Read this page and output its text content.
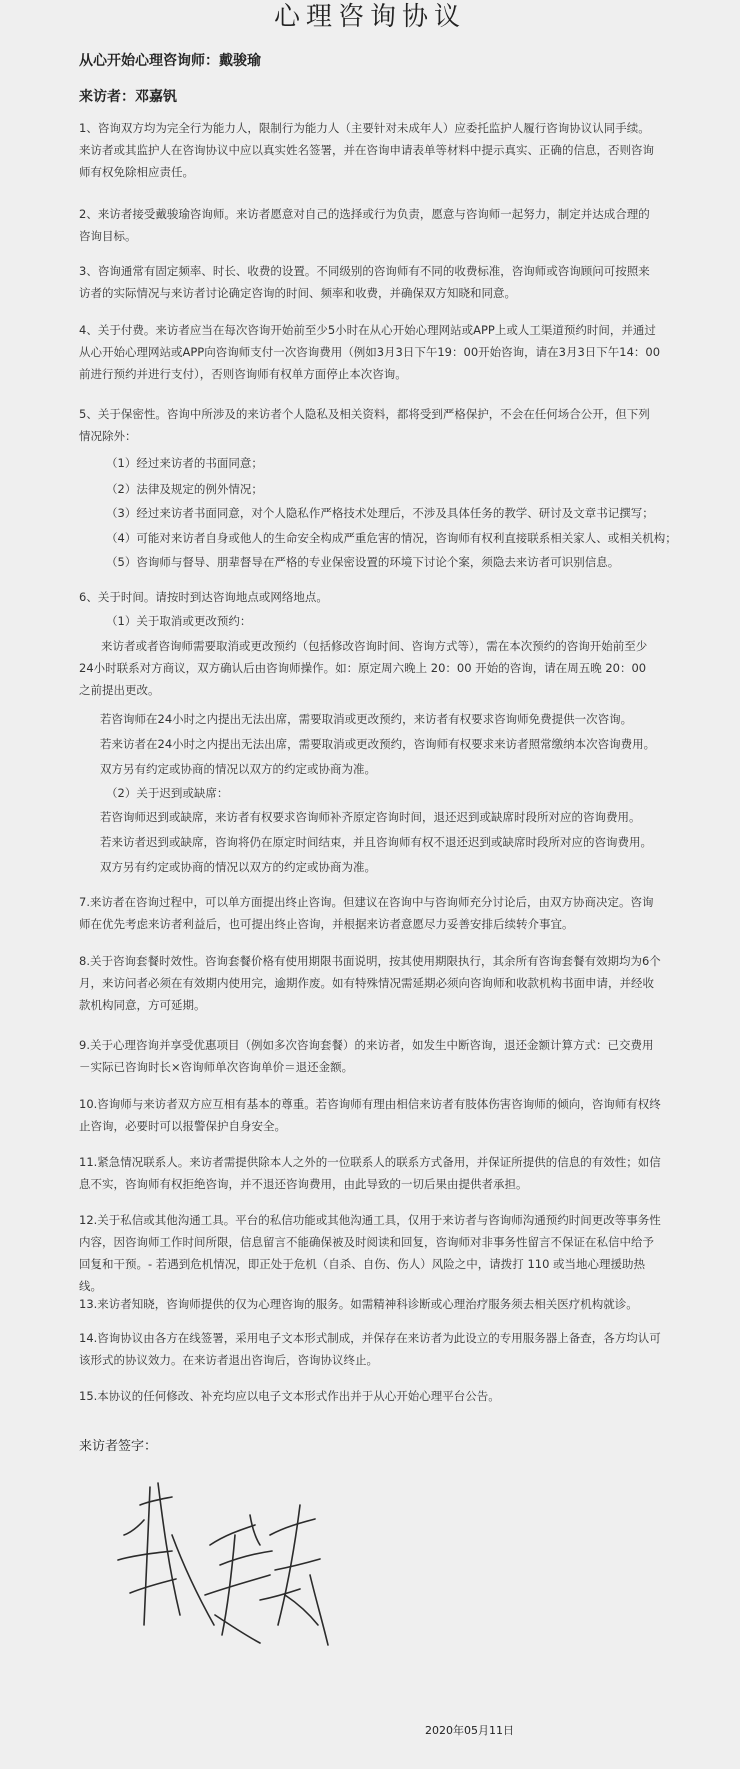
心理咨询协议
从心开始心理咨询师：戴骏瑜
来访者：邓嘉钒
1、咨询双方均为完全行为能力人，限制行为能力人（主要针对未成年人）应委托监护人履行咨询协议认同手续。来访者或其监护人在咨询协议中应以真实姓名签署，并在咨询申请表单等材料中提示真实、正确的信息，否则咨询师有权免除相应责任。
2、来访者接受戴骏瑜咨询师。来访者愿意对自己的选择或行为负责，愿意与咨询师一起努力，制定并达成合理的咨询目标。
3、咨询通常有固定频率、时长、收费的设置。不同级别的咨询师有不同的收费标准，咨询师或咨询顾问可按照来访者的实际情况与来访者讨论确定咨询的时间、频率和收费，并确保双方知晓和同意。
4、关于付费。来访者应当在每次咨询开始前至少5小时在从心开始心理网站或APP上或人工渠道预约时间，并通过从心开始心理网站或APP向咨询师支付一次咨询费用（例如3月3日下午19：00开始咨询，请在3月3日下午14：00前进行预约并进行支付），否则咨询师有权单方面停止本次咨询。
5、关于保密性。咨询中所涉及的来访者个人隐私及相关资料，都将受到严格保护，不会在任何场合公开，但下列情况除外：
（1）经过来访者的书面同意；
（2）法律及规定的例外情况；
（3）经过来访者书面同意，对个人隐私作严格技术处理后，不涉及具体任务的教学、研讨及文章书记撰写；
（4）可能对来访者自身或他人的生命安全构成严重危害的情况，咨询师有权利直接联系相关家人、或相关机构；
（5）咨询师与督导、朋辈督导在严格的专业保密设置的环境下讨论个案，须隐去来访者可识别信息。
6、关于时间。请按时到达咨询地点或网络地点。
（1）关于取消或更改预约：
来访者或者咨询师需要取消或更改预约（包括修改咨询时间、咨询方式等），需在本次预约的咨询开始前至少24小时联系对方商议，双方确认后由咨询师操作。如：原定周六晚上 20：00 开始的咨询，请在周五晚 20：00 之前提出更改。
若咨询师在24小时之内提出无法出席，需要取消或更改预约，来访者有权要求咨询师免费提供一次咨询。
若来访者在24小时之内提出无法出席，需要取消或更改预约，咨询师有权要求来访者照常缴纳本次咨询费用。
双方另有约定或协商的情况以双方的约定或协商为准。
（2）关于迟到或缺席：
若咨询师迟到或缺席，来访者有权要求咨询师补齐原定咨询时间，退还迟到或缺席时段所对应的咨询费用。
若来访者迟到或缺席，咨询将仍在原定时间结束，并且咨询师有权不退还迟到或缺席时段所对应的咨询费用。
双方另有约定或协商的情况以双方的约定或协商为准。
7.来访者在咨询过程中，可以单方面提出终止咨询。但建议在咨询中与咨询师充分讨论后，由双方协商决定。咨询师在优先考虑来访者利益后，也可提出终止咨询，并根据来访者意愿尽力妥善安排后续转介事宜。
8.关于咨询套餐时效性。咨询套餐价格有使用期限书面说明，按其使用期限执行，其余所有咨询套餐有效期均为6个月，来访问者必须在有效期内使用完，逾期作废。如有特殊情况需延期必须向咨询师和收款机构书面申请，并经收款机构同意，方可延期。
9.关于心理咨询并享受优惠项目（例如多次咨询套餐）的来访者，如发生中断咨询，退还金额计算方式：已交费用－实际已咨询时长×咨询师单次咨询单价＝退还金额。
10.咨询师与来访者双方应互相有基本的尊重。若咨询师有理由相信来访者有肢体伤害咨询师的倾向，咨询师有权终止咨询，必要时可以报警保护自身安全。
11.紧急情况联系人。来访者需提供除本人之外的一位联系人的联系方式备用，并保证所提供的信息的有效性；如信息不实，咨询师有权拒绝咨询，并不退还咨询费用，由此导致的一切后果由提供者承担。
12.关于私信或其他沟通工具。平台的私信功能或其他沟通工具，仅用于来访者与咨询师沟通预约时间更改等事务性内容，因咨询师工作时间所限，信息留言不能确保被及时阅读和回复，咨询师对非事务性留言不保证在私信中给予回复和干预。- 若遇到危机情况，即正处于危机（自杀、自伤、伤人）风险之中，请拨打 110 或当地心理援助热线。
13.来访者知晓，咨询师提供的仅为心理咨询的服务。如需精神科诊断或心理治疗服务须去相关医疗机构就诊。
14.咨询协议由各方在线签署，采用电子文本形式制成，并保存在来访者为此设立的专用服务器上备查，各方均认可该形式的协议效力。在来访者退出咨询后，咨询协议终止。
15.本协议的任何修改、补充均应以电子文本形式作出并于从心开始心理平台公告。
来访者签字：
2020年05月11日
